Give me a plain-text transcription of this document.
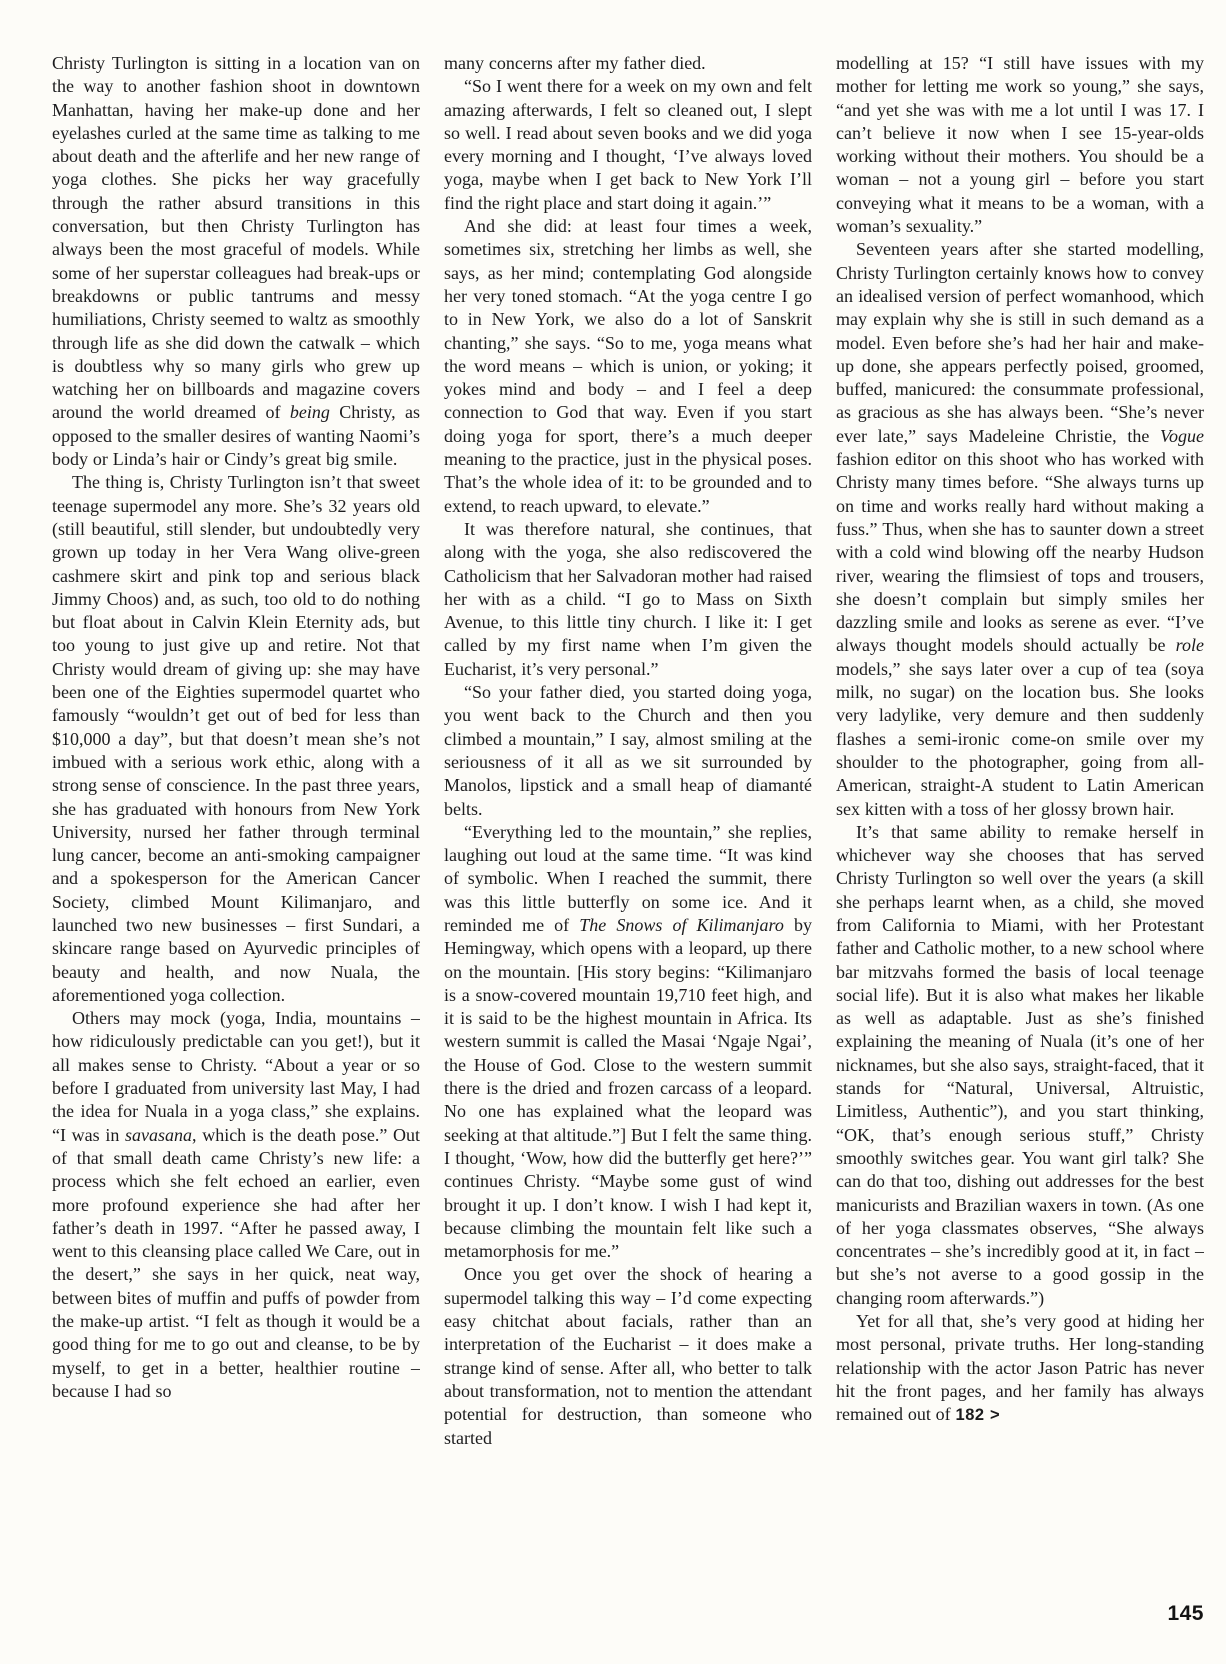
Christy Turlington is sitting in a location van on the way to another fashion shoot in downtown Manhattan, having her make-up done and her eyelashes curled at the same time as talking to me about death and the afterlife and her new range of yoga clothes. She picks her way gracefully through the rather absurd transitions in this conversation, but then Christy Turlington has always been the most graceful of models. While some of her superstar colleagues had break-ups or breakdowns or public tantrums and messy humiliations, Christy seemed to waltz as smoothly through life as she did down the catwalk – which is doubtless why so many girls who grew up watching her on billboards and magazine covers around the world dreamed of being Christy, as opposed to the smaller desires of wanting Naomi’s body or Linda’s hair or Cindy’s great big smile.

The thing is, Christy Turlington isn’t that sweet teenage supermodel any more. She’s 32 years old (still beautiful, still slender, but undoubtedly very grown up today in her Vera Wang olive-green cashmere skirt and pink top and serious black Jimmy Choos) and, as such, too old to do nothing but float about in Calvin Klein Eternity ads, but too young to just give up and retire. Not that Christy would dream of giving up: she may have been one of the Eighties supermodel quartet who famously “wouldn’t get out of bed for less than $10,000 a day”, but that doesn’t mean she’s not imbued with a serious work ethic, along with a strong sense of conscience. In the past three years, she has graduated with honours from New York University, nursed her father through terminal lung cancer, become an anti-smoking campaigner and a spokesperson for the American Cancer Society, climbed Mount Kilimanjaro, and launched two new businesses – first Sundari, a skincare range based on Ayurvedic principles of beauty and health, and now Nuala, the aforementioned yoga collection.

Others may mock (yoga, India, mountains – how ridiculously predictable can you get!), but it all makes sense to Christy. “About a year or so before I graduated from university last May, I had the idea for Nuala in a yoga class,” she explains. “I was in savasana, which is the death pose.” Out of that small death came Christy’s new life: a process which she felt echoed an earlier, even more profound experience she had after her father’s death in 1997. “After he passed away, I went to this cleansing place called We Care, out in the desert,” she says in her quick, neat way, between bites of muffin and puffs of powder from the make-up artist. “I felt as though it would be a good thing for me to go out and cleanse, to be by myself, to get in a better, healthier routine – because I had so

many concerns after my father died.

“So I went there for a week on my own and felt amazing afterwards, I felt so cleaned out, I slept so well. I read about seven books and we did yoga every morning and I thought, ‘I’ve always loved yoga, maybe when I get back to New York I’ll find the right place and start doing it again.’”

And she did: at least four times a week, sometimes six, stretching her limbs as well, she says, as her mind; contemplating God alongside her very toned stomach. “At the yoga centre I go to in New York, we also do a lot of Sanskrit chanting,” she says. “So to me, yoga means what the word means – which is union, or yoking; it yokes mind and body – and I feel a deep connection to God that way. Even if you start doing yoga for sport, there’s a much deeper meaning to the practice, just in the physical poses. That’s the whole idea of it: to be grounded and to extend, to reach upward, to elevate.”

It was therefore natural, she continues, that along with the yoga, she also rediscovered the Catholicism that her Salvadoran mother had raised her with as a child. “I go to Mass on Sixth Avenue, to this little tiny church. I like it: I get called by my first name when I’m given the Eucharist, it’s very personal.”

“So your father died, you started doing yoga, you went back to the Church and then you climbed a mountain,” I say, almost smiling at the seriousness of it all as we sit surrounded by Manolos, lipstick and a small heap of diamanté belts.

“Everything led to the mountain,” she replies, laughing out loud at the same time. “It was kind of symbolic. When I reached the summit, there was this little butterfly on some ice. And it reminded me of The Snows of Kilimanjaro by Hemingway, which opens with a leopard, up there on the mountain. [His story begins: “Kilimanjaro is a snow-covered mountain 19,710 feet high, and it is said to be the highest mountain in Africa. Its western summit is called the Masai ‘Ngaje Ngai’, the House of God. Close to the western summit there is the dried and frozen carcass of a leopard. No one has explained what the leopard was seeking at that altitude.”] But I felt the same thing. I thought, ‘Wow, how did the butterfly get here?’” continues Christy. “Maybe some gust of wind brought it up. I don’t know. I wish I had kept it, because climbing the mountain felt like such a metamorphosis for me.”

Once you get over the shock of hearing a supermodel talking this way – I’d come expecting easy chitchat about facials, rather than an interpretation of the Eucharist – it does make a strange kind of sense. After all, who better to talk about transformation, not to mention the attendant potential for destruction, than someone who started

modelling at 15? “I still have issues with my mother for letting me work so young,” she says, “and yet she was with me a lot until I was 17. I can’t believe it now when I see 15-year-olds working without their mothers. You should be a woman – not a young girl – before you start conveying what it means to be a woman, with a woman’s sexuality.”

Seventeen years after she started modelling, Christy Turlington certainly knows how to convey an idealised version of perfect womanhood, which may explain why she is still in such demand as a model. Even before she’s had her hair and make-up done, she appears perfectly poised, groomed, buffed, manicured: the consummate professional, as gracious as she has always been. “She’s never ever late,” says Madeleine Christie, the Vogue fashion editor on this shoot who has worked with Christy many times before. “She always turns up on time and works really hard without making a fuss.” Thus, when she has to saunter down a street with a cold wind blowing off the nearby Hudson river, wearing the flimsiest of tops and trousers, she doesn’t complain but simply smiles her dazzling smile and looks as serene as ever. “I’ve always thought models should actually be role models,” she says later over a cup of tea (soya milk, no sugar) on the location bus. She looks very ladylike, very demure and then suddenly flashes a semi-ironic come-on smile over my shoulder to the photographer, going from all-American, straight-A student to Latin American sex kitten with a toss of her glossy brown hair.

It’s that same ability to remake herself in whichever way she chooses that has served Christy Turlington so well over the years (a skill she perhaps learnt when, as a child, she moved from California to Miami, with her Protestant father and Catholic mother, to a new school where bar mitzvahs formed the basis of local teenage social life). But it is also what makes her likable as well as adaptable. Just as she’s finished explaining the meaning of Nuala (it’s one of her nicknames, but she also says, straight-faced, that it stands for “Natural, Universal, Altruistic, Limitless, Authentic”), and you start thinking, “OK, that’s enough serious stuff,” Christy smoothly switches gear. You want girl talk? She can do that too, dishing out addresses for the best manicurists and Brazilian waxers in town. (As one of her yoga classmates observes, “She always concentrates – she’s incredibly good at it, in fact – but she’s not averse to a good gossip in the changing room afterwards.”)

Yet for all that, she’s very good at hiding her most personal, private truths. Her long-standing relationship with the actor Jason Patric has never hit the front pages, and her family has always remained out of 182 >

145
